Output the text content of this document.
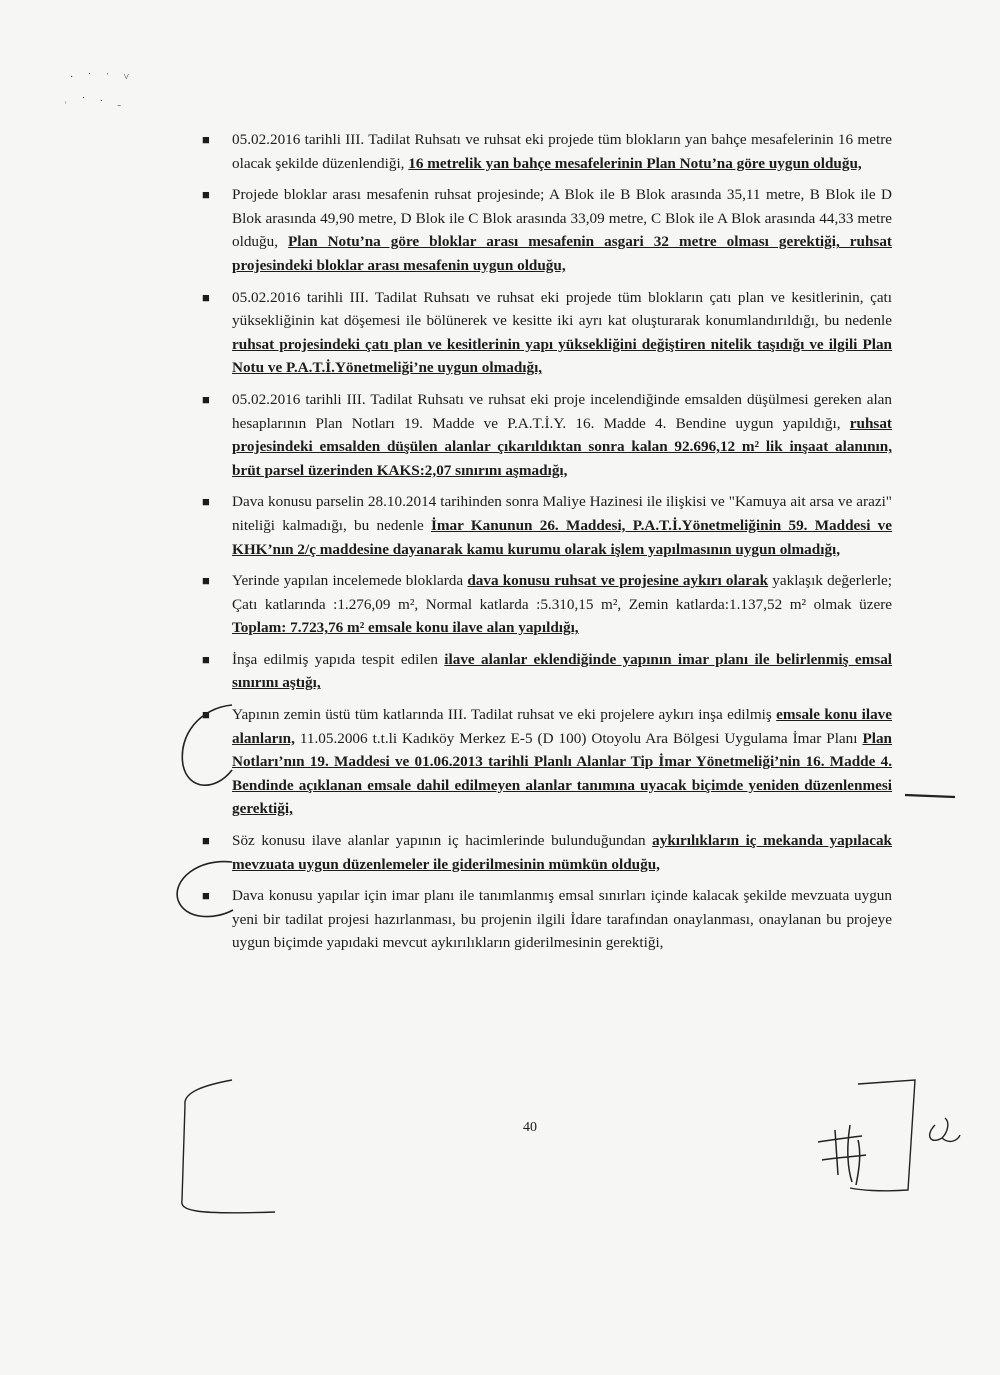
· ˙ ˈ ˅
˒ ˙ · ˍ
■ 05.02.2016 tarihli III. Tadilat Ruhsatı ve ruhsat eki projede tüm blokların yan bahçe mesafelerinin 16 metre olacak şekilde düzenlendiği, 16 metrelik yan bahçe mesafelerinin Plan Notu’na göre uygun olduğu,
■ Projede bloklar arası mesafenin ruhsat projesinde; A Blok ile B Blok arasında 35,11 metre, B Blok ile D Blok arasında 49,90 metre, D Blok ile C Blok arasında 33,09 metre, C Blok ile A Blok arasında 44,33 metre olduğu, Plan Notu’na göre bloklar arası mesafenin asgari 32 metre olması gerektiği, ruhsat projesindeki bloklar arası mesafenin uygun olduğu,
■ 05.02.2016 tarihli III. Tadilat Ruhsatı ve ruhsat eki projede tüm blokların çatı plan ve kesitlerinin, çatı yüksekliğinin kat döşemesi ile bölünerek ve kesitte iki ayrı kat oluşturarak konumlandırıldığı, bu nedenle ruhsat projesindeki çatı plan ve kesitlerinin yapı yüksekliğini değiştiren nitelik taşıdığı ve ilgili Plan Notu ve P.A.T.İ.Yönetmeliği’ne uygun olmadığı,
■ 05.02.2016 tarihli III. Tadilat Ruhsatı ve ruhsat eki proje incelendiğinde emsalden düşülmesi gereken alan hesaplarının Plan Notları 19. Madde ve P.A.T.İ.Y. 16. Madde 4. Bendine uygun yapıldığı, ruhsat projesindeki emsalden düşülen alanlar çıkarıldıktan sonra kalan 92.696,12 m² lik inşaat alanının, brüt parsel üzerinden KAKS:2,07 sınırını aşmadığı,
■ Dava konusu parselin 28.10.2014 tarihinden sonra Maliye Hazinesi ile ilişkisi ve "Kamuya ait arsa ve arazi" niteliği kalmadığı, bu nedenle İmar Kanunun 26. Maddesi, P.A.T.İ.Yönetmeliğinin 59. Maddesi ve KHK’nın 2/ç maddesine dayanarak kamu kurumu olarak işlem yapılmasının uygun olmadığı,
■ Yerinde yapılan incelemede bloklarda dava konusu ruhsat ve projesine aykırı olarak yaklaşık değerlerle; Çatı katlarında :1.276,09 m², Normal katlarda :5.310,15 m², Zemin katlarda:1.137,52 m² olmak üzere Toplam: 7.723,76 m² emsale konu ilave alan yapıldığı,
■ İnşa edilmiş yapıda tespit edilen ilave alanlar eklendiğinde yapının imar planı ile belirlenmiş emsal sınırını aştığı,
■ Yapının zemin üstü tüm katlarında III. Tadilat ruhsat ve eki projelere aykırı inşa edilmiş emsale konu ilave alanların, 11.05.2006 t.t.li Kadıköy Merkez E-5 (D 100) Otoyolu Ara Bölgesi Uygulama İmar Planı Plan Notları’nın 19. Maddesi ve 01.06.2013 tarihli Planlı Alanlar Tip İmar Yönetmeliği’nin 16. Madde 4. Bendinde açıklanan emsale dahil edilmeyen alanlar tanımına uyacak biçimde yeniden düzenlenmesi gerektiği,
■ Söz konusu ilave alanlar yapının iç hacimlerinde bulunduğundan aykırılıkların iç mekanda yapılacak mevzuata uygun düzenlemeler ile giderilmesinin mümkün olduğu,
■ Dava konusu yapılar için imar planı ile tanımlanmış emsal sınırları içinde kalacak şekilde mevzuata uygun yeni bir tadilat projesi hazırlanması, bu projenin ilgili İdare tarafından onaylanması, onaylanan bu projeye uygun biçimde yapıdaki mevcut aykırılıkların giderilmesinin gerektiği,
40
